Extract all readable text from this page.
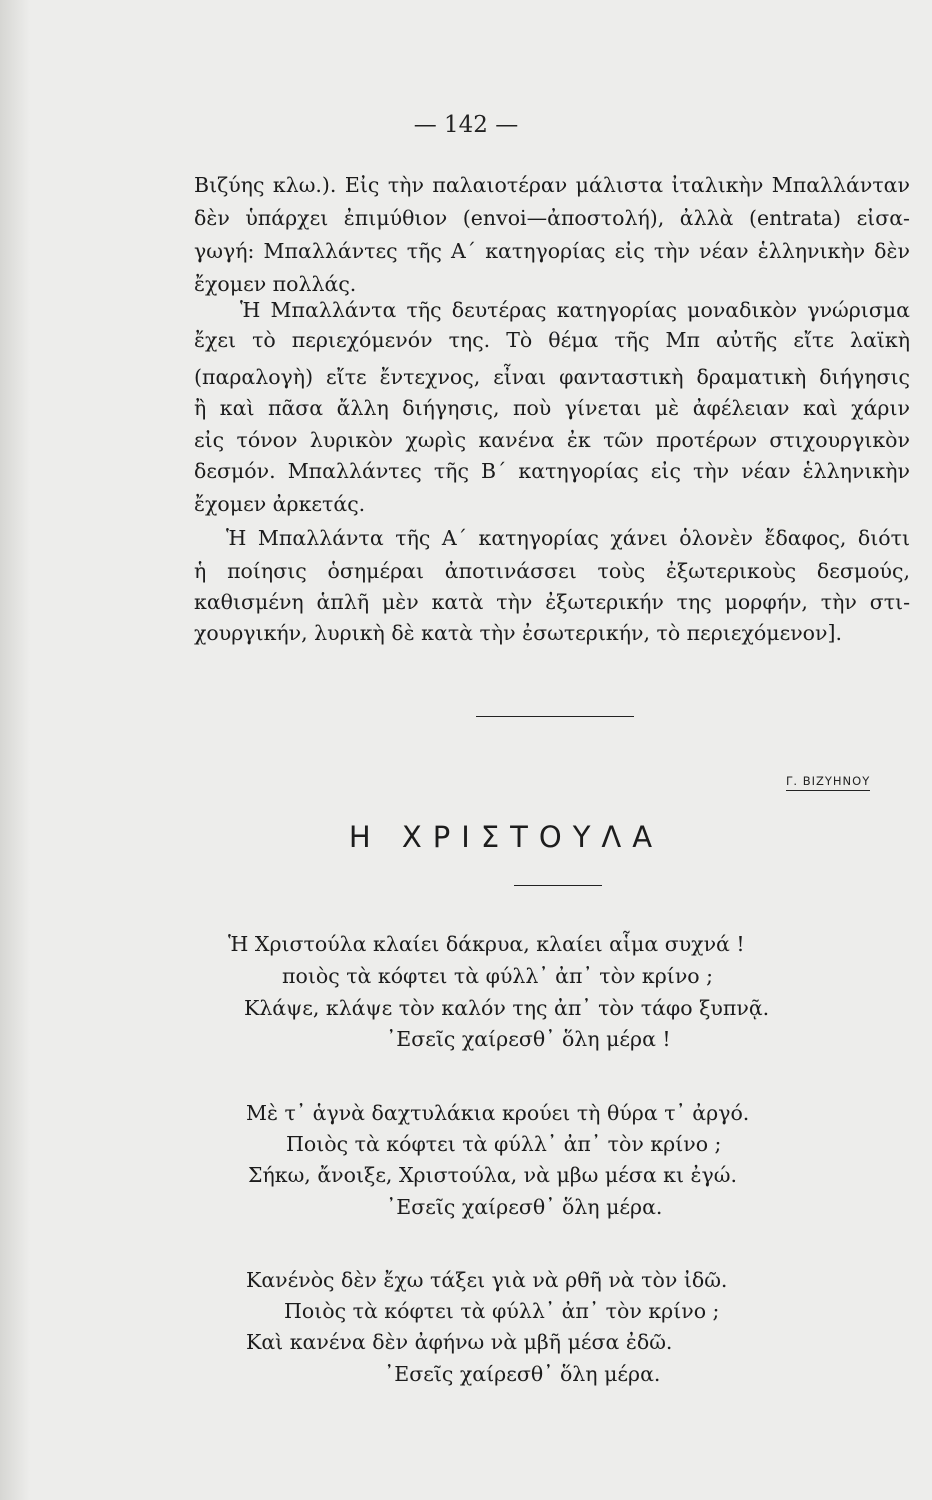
— 142 —
Βιζύης κλω.). Εἰς τὴν παλαιοτέραν μάλιστα ἰταλικὴν Μπαλλάνταν
δὲν ὑπάρχει ἐπιμύθιον (envoi—ἀποστολή), ἀλλὰ (entrata) εἰσα-
γωγή: Μπαλλάντες τῆς Α´ κατηγορίας εἰς τὴν νέαν ἑλληνικὴν δὲν
ἔχομεν πολλάς.
Ἡ Μπαλλάντα τῆς δευτέρας κατηγορίας μοναδικὸν γνώρισμα
ἔχει τὸ περιεχόμενόν της. Τὸ θέμα τῆς Μπ αὐτῆς εἴτε λαϊκὴ
(παραλογὴ) εἴτε ἔντεχνος, εἶναι φανταστικὴ δραματικὴ διήγησις
ἢ καὶ πᾶσα ἄλλη διήγησις, ποὺ γίνεται μὲ ἀφέλειαν καὶ χάριν
εἰς τόνον λυρικὸν χωρὶς κανένα ἐκ τῶν προτέρων στιχουργικὸν
δεσμόν. Μπαλλάντες τῆς Β´ κατηγορίας εἰς τὴν νέαν ἑλληνικὴν
ἔχομεν ἀρκετάς.
Ἡ Μπαλλάντα τῆς Α´ κατηγορίας χάνει ὁλονὲν ἔδαφος, διότι
ἡ ποίησις ὁσημέραι ἀποτινάσσει τοὺς ἐξωτερικοὺς δεσμούς,
καθισμένη ἁπλῆ μὲν κατὰ τὴν ἐξωτερικήν της μορφήν, τὴν στι-
χουργικήν, λυρικὴ δὲ κατὰ τὴν ἐσωτερικήν, τὸ περιεχόμενον].
Γ. ΒΙΖΥΗΝΟΥ
Η ΧΡΙΣΤΟΥΛΑ
Ἡ Χριστούλα κλαίει δάκρυα, κλαίει αἷμα συχνά !
ποιὸς τὰ κόφτει τὰ φύλλ᾽ ἀπ᾽ τὸν κρίνο ;
Κλάψε, κλάψε τὸν καλόν της ἀπ᾽ τὸν τάφο ξυπνᾷ.
᾽Εσεῖς χαίρεσθ᾽ ὅλη μέρα !
Μὲ τ᾽ ἁγνὰ δαχτυλάκια κρούει τὴ θύρα τ᾽ ἀργό.
Ποιὸς τὰ κόφτει τὰ φύλλ᾽ ἀπ᾽ τὸν κρίνο ;
Σήκω, ἄνοιξε, Χριστούλα, νὰ μβω μέσα κι ἐγώ.
᾽Εσεῖς χαίρεσθ᾽ ὅλη μέρα.
Κανένὸς δὲν ἔχω τάξει γιὰ νὰ ρθῆ νὰ τὸν ἰδῶ.
Ποιὸς τὰ κόφτει τὰ φύλλ᾽ ἀπ᾽ τὸν κρίνο ;
Καὶ κανένα δὲν ἀφήνω νὰ μβῆ μέσα ἐδῶ.
᾽Εσεῖς χαίρεσθ᾽ ὅλη μέρα.
